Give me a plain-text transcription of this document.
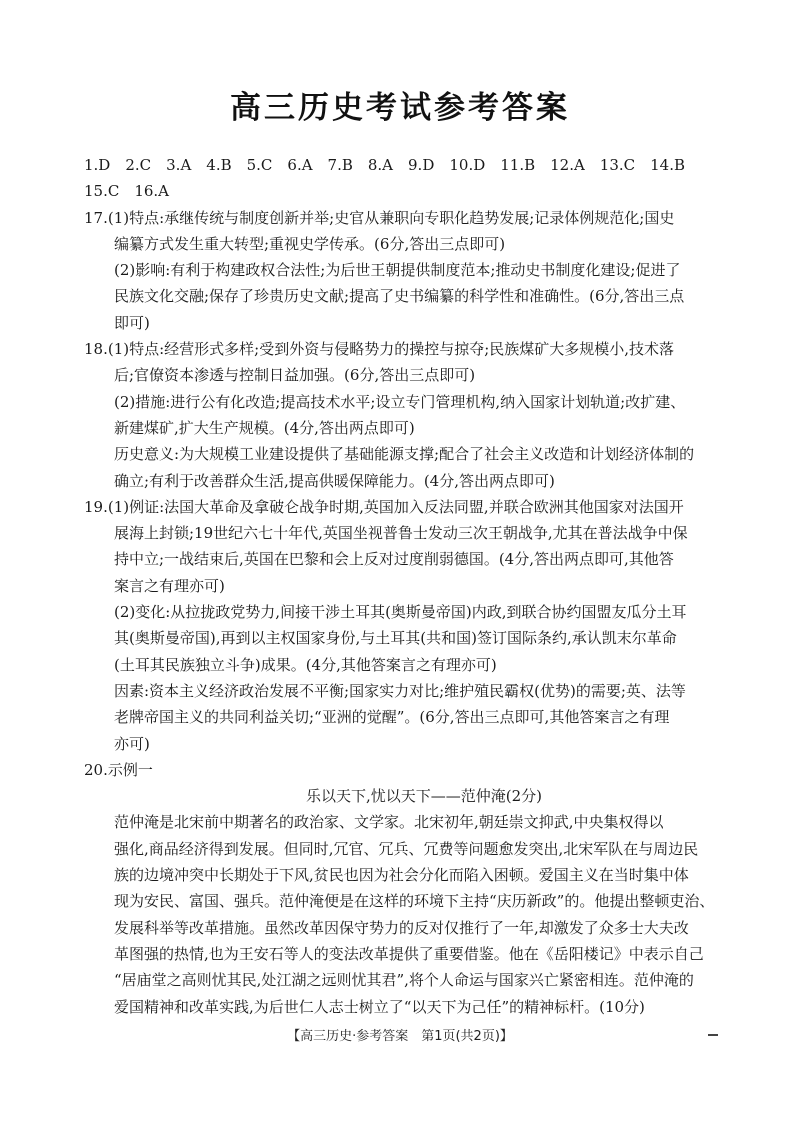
高三历史考试参考答案
1.D　2.C　3.A　4.B　5.C　6.A　7.B　8.A　9.D　10.D　11.B　12.A　13.C　14.B
15.C　16.A
17.(1)特点:承继传统与制度创新并举;史官从兼职向专职化趋势发展;记录体例规范化;国史
编纂方式发生重大转型;重视史学传承。(6分,答出三点即可)
(2)影响:有利于构建政权合法性;为后世王朝提供制度范本;推动史书制度化建设;促进了
民族文化交融;保存了珍贵历史文献;提高了史书编纂的科学性和准确性。(6分,答出三点
即可)
18.(1)特点:经营形式多样;受到外资与侵略势力的操控与掠夺;民族煤矿大多规模小,技术落
后;官僚资本渗透与控制日益加强。(6分,答出三点即可)
(2)措施:进行公有化改造;提高技术水平;设立专门管理机构,纳入国家计划轨道;改扩建、
新建煤矿,扩大生产规模。(4分,答出两点即可)
历史意义:为大规模工业建设提供了基础能源支撑;配合了社会主义改造和计划经济体制的
确立;有利于改善群众生活,提高供暖保障能力。(4分,答出两点即可)
19.(1)例证:法国大革命及拿破仑战争时期,英国加入反法同盟,并联合欧洲其他国家对法国开
展海上封锁;19世纪六七十年代,英国坐视普鲁士发动三次王朝战争,尤其在普法战争中保
持中立;一战结束后,英国在巴黎和会上反对过度削弱德国。(4分,答出两点即可,其他答
案言之有理亦可)
(2)变化:从拉拢政党势力,间接干涉土耳其(奥斯曼帝国)内政,到联合协约国盟友瓜分土耳
其(奥斯曼帝国),再到以主权国家身份,与土耳其(共和国)签订国际条约,承认凯末尔革命
(土耳其民族独立斗争)成果。(4分,其他答案言之有理亦可)
因素:资本主义经济政治发展不平衡;国家实力对比;维护殖民霸权(优势)的需要;英、法等
老牌帝国主义的共同利益关切;“亚洲的觉醒”。(6分,答出三点即可,其他答案言之有理
亦可)
20.示例一
乐以天下,忧以天下——范仲淹(2分)
范仲淹是北宋前中期著名的政治家、文学家。北宋初年,朝廷崇文抑武,中央集权得以
强化,商品经济得到发展。但同时,冗官、冗兵、冗费等问题愈发突出,北宋军队在与周边民
族的边境冲突中长期处于下风,贫民也因为社会分化而陷入困顿。爱国主义在当时集中体
现为安民、富国、强兵。范仲淹便是在这样的环境下主持“庆历新政”的。他提出整顿吏治、
发展科举等改革措施。虽然改革因保守势力的反对仅推行了一年,却激发了众多士大夫改
革图强的热情,也为王安石等人的变法改革提供了重要借鉴。他在《岳阳楼记》中表示自己
“居庙堂之高则忧其民,处江湖之远则忧其君”,将个人命运与国家兴亡紧密相连。范仲淹的
爱国精神和改革实践,为后世仁人志士树立了“以天下为己任”的精神标杆。(10分)
【高三历史·参考答案　第1页(共2页)】
